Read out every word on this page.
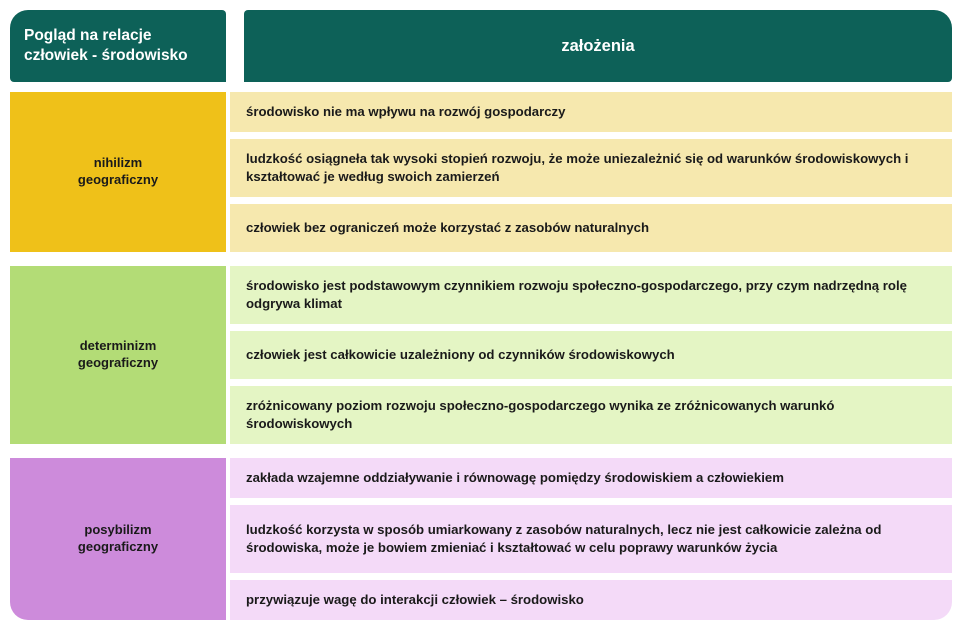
Pogląd na relacje
człowiek - środowisko
założenia
nihilizm
geograficzny
środowisko nie ma wpływu na rozwój gospodarczy
ludzkość osiągneła tak wysoki stopień rozwoju, że może uniezależnić się od warunków środowiskowych i kształtować je według swoich zamierzeń
człowiek bez ograniczeń może korzystać z zasobów naturalnych
determinizm
geograficzny
środowisko jest podstawowym czynnikiem rozwoju społeczno-gospodarczego, przy czym nadrzędną rolę odgrywa klimat
człowiek jest całkowicie uzależniony od czynników środowiskowych
zróżnicowany poziom rozwoju społeczno-gospodarczego wynika ze zróżnicowanych warunkó środowiskowych
posybilizm
geograficzny
zakłada wzajemne oddziaływanie i równowagę pomiędzy środowiskiem a człowiekiem
ludzkość korzysta w sposób umiarkowany z zasobów naturalnych, lecz nie jest całkowicie zależna od środowiska, może je bowiem zmieniać i kształtować w celu poprawy warunków życia
przywiązuje wagę do interakcji człowiek – środowisko
